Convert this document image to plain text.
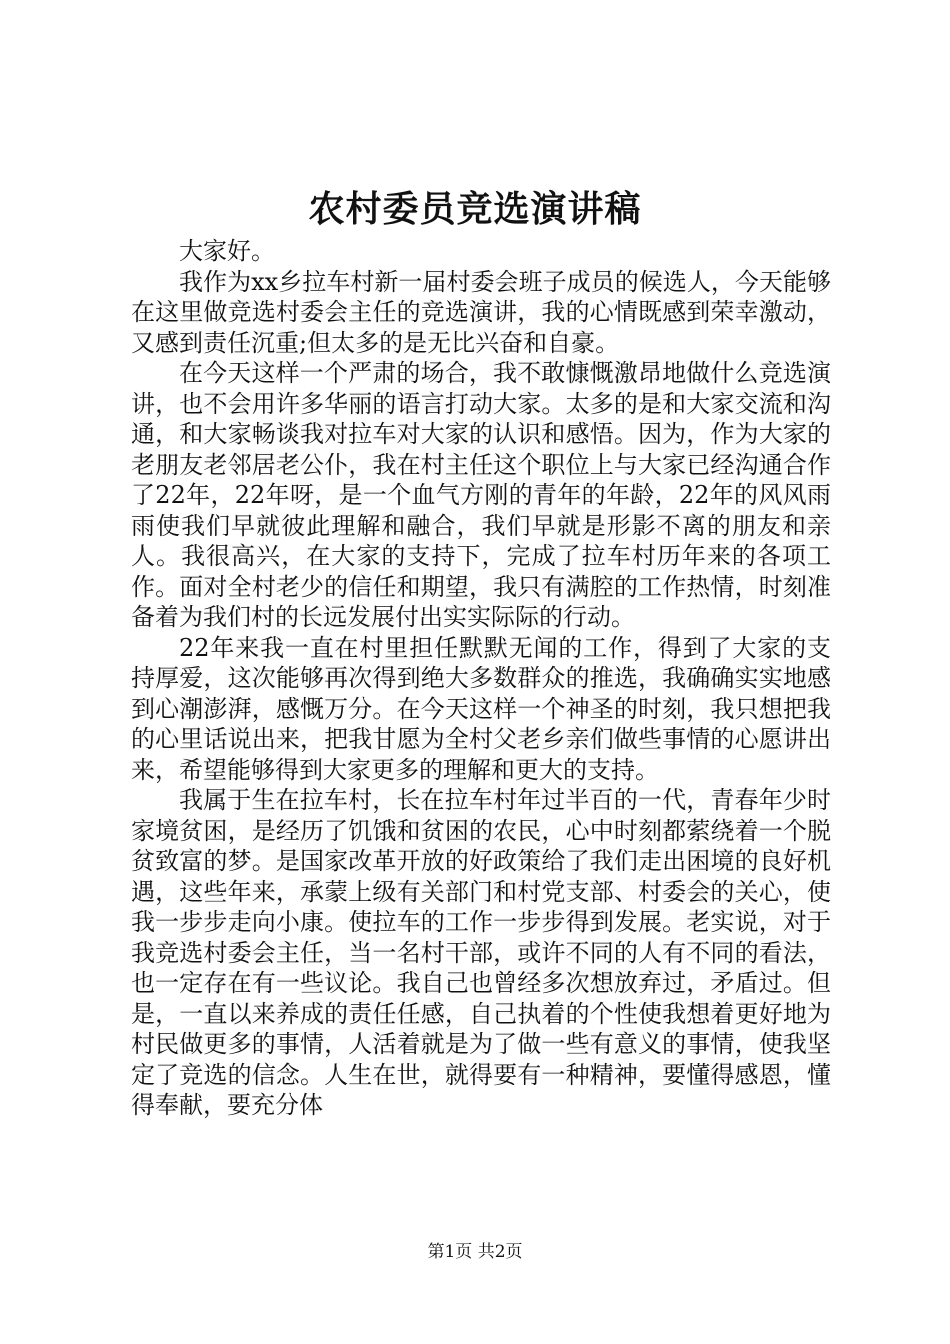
农村委员竞选演讲稿

大家好。

我作为xx乡拉车村新一届村委会班子成员的候选人，今天能够在这里做竞选村委会主任的竞选演讲，我的心情既感到荣幸激动，又感到责任沉重;但太多的是无比兴奋和自豪。

在今天这样一个严肃的场合，我不敢慷慨激昂地做什么竞选演讲，也不会用许多华丽的语言打动大家。太多的是和大家交流和沟通，和大家畅谈我对拉车对大家的认识和感悟。因为，作为大家的老朋友老邻居老公仆，我在村主任这个职位上与大家已经沟通合作了22年，22年呀，是一个血气方刚的青年的年龄，22年的风风雨雨使我们早就彼此理解和融合，我们早就是形影不离的朋友和亲人。我很高兴，在大家的支持下，完成了拉车村历年来的各项工作。面对全村老少的信任和期望，我只有满腔的工作热情，时刻准备着为我们村的长远发展付出实实际际的行动。

22年来我一直在村里担任默默无闻的工作，得到了大家的支持厚爱，这次能够再次得到绝大多数群众的推选，我确确实实地感到心潮澎湃，感慨万分。在今天这样一个神圣的时刻，我只想把我的心里话说出来，把我甘愿为全村父老乡亲们做些事情的心愿讲出来，希望能够得到大家更多的理解和更大的支持。

我属于生在拉车村，长在拉车村年过半百的一代，青春年少时家境贫困，是经历了饥饿和贫困的农民，心中时刻都萦绕着一个脱贫致富的梦。是国家改革开放的好政策给了我们走出困境的良好机遇，这些年来，承蒙上级有关部门和村党支部、村委会的关心，使我一步步走向小康。使拉车的工作一步步得到发展。老实说，对于我竞选村委会主任，当一名村干部，或许不同的人有不同的看法，也一定存在有一些议论。我自己也曾经多次想放弃过，矛盾过。但是，一直以来养成的责任任感，自己执着的个性使我想着更好地为村民做更多的事情，人活着就是为了做一些有意义的事情，使我坚定了竞选的信念。人生在世，就得要有一种精神，要懂得感恩，懂得奉献，要充分体

第1页 共2页
